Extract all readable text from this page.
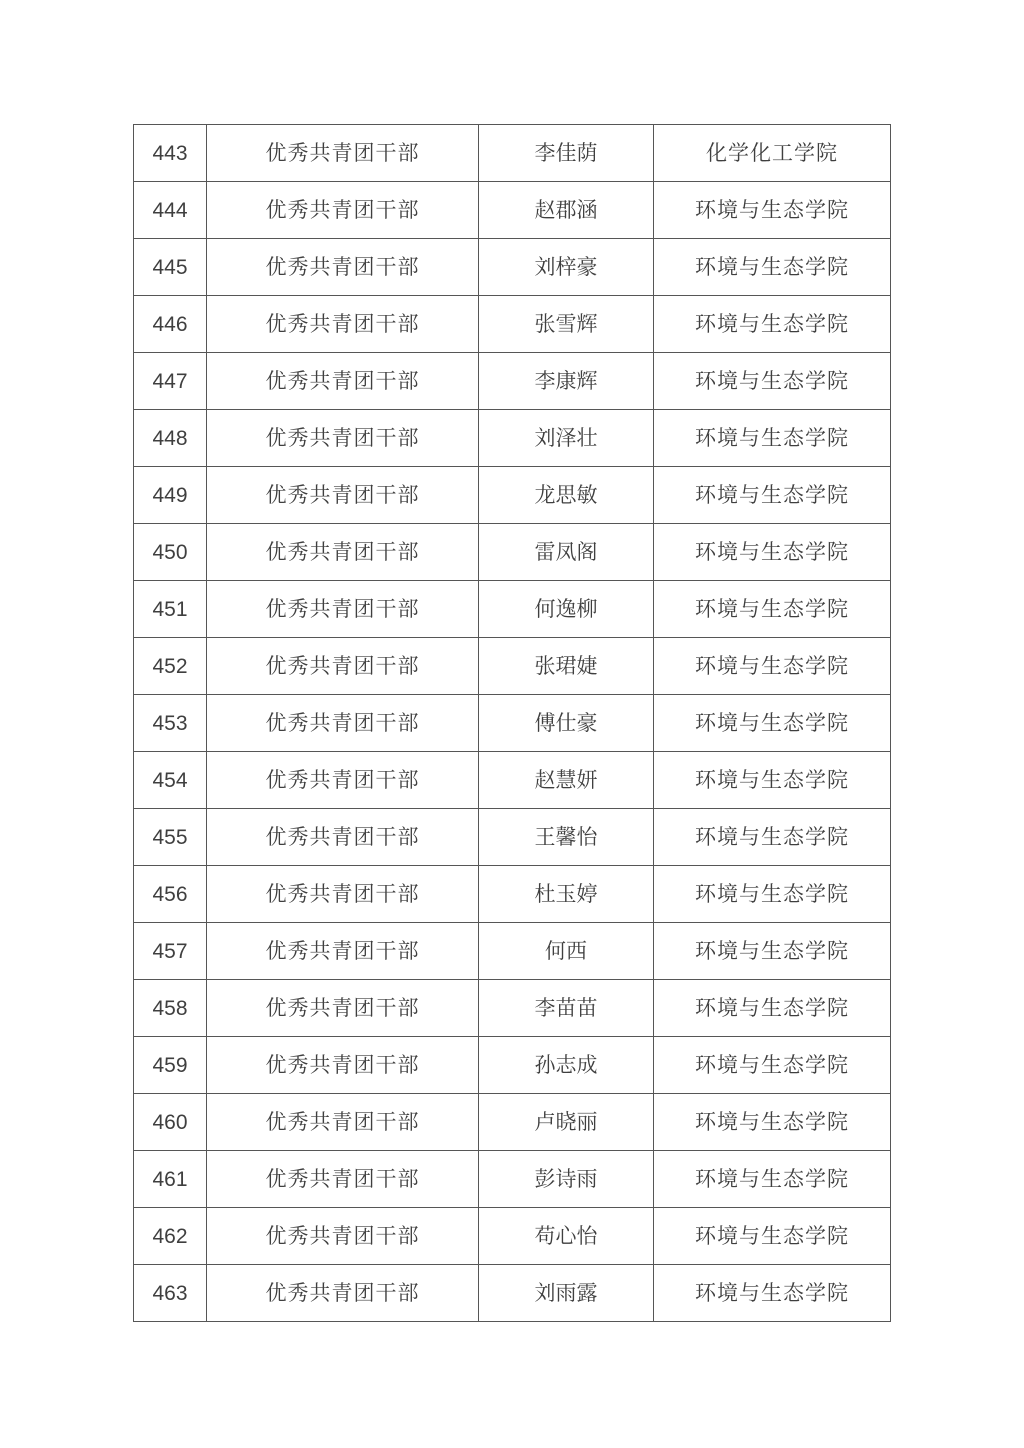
443	优秀共青团干部	李佳荫	化学化工学院
444	优秀共青团干部	赵郡涵	环境与生态学院
445	优秀共青团干部	刘梓豪	环境与生态学院
446	优秀共青团干部	张雪辉	环境与生态学院
447	优秀共青团干部	李康辉	环境与生态学院
448	优秀共青团干部	刘泽壮	环境与生态学院
449	优秀共青团干部	龙思敏	环境与生态学院
450	优秀共青团干部	雷凤阁	环境与生态学院
451	优秀共青团干部	何逸柳	环境与生态学院
452	优秀共青团干部	张珺婕	环境与生态学院
453	优秀共青团干部	傅仕豪	环境与生态学院
454	优秀共青团干部	赵慧妍	环境与生态学院
455	优秀共青团干部	王馨怡	环境与生态学院
456	优秀共青团干部	杜玉婷	环境与生态学院
457	优秀共青团干部	何西	环境与生态学院
458	优秀共青团干部	李苗苗	环境与生态学院
459	优秀共青团干部	孙志成	环境与生态学院
460	优秀共青团干部	卢晓丽	环境与生态学院
461	优秀共青团干部	彭诗雨	环境与生态学院
462	优秀共青团干部	苟心怡	环境与生态学院
463	优秀共青团干部	刘雨露	环境与生态学院
